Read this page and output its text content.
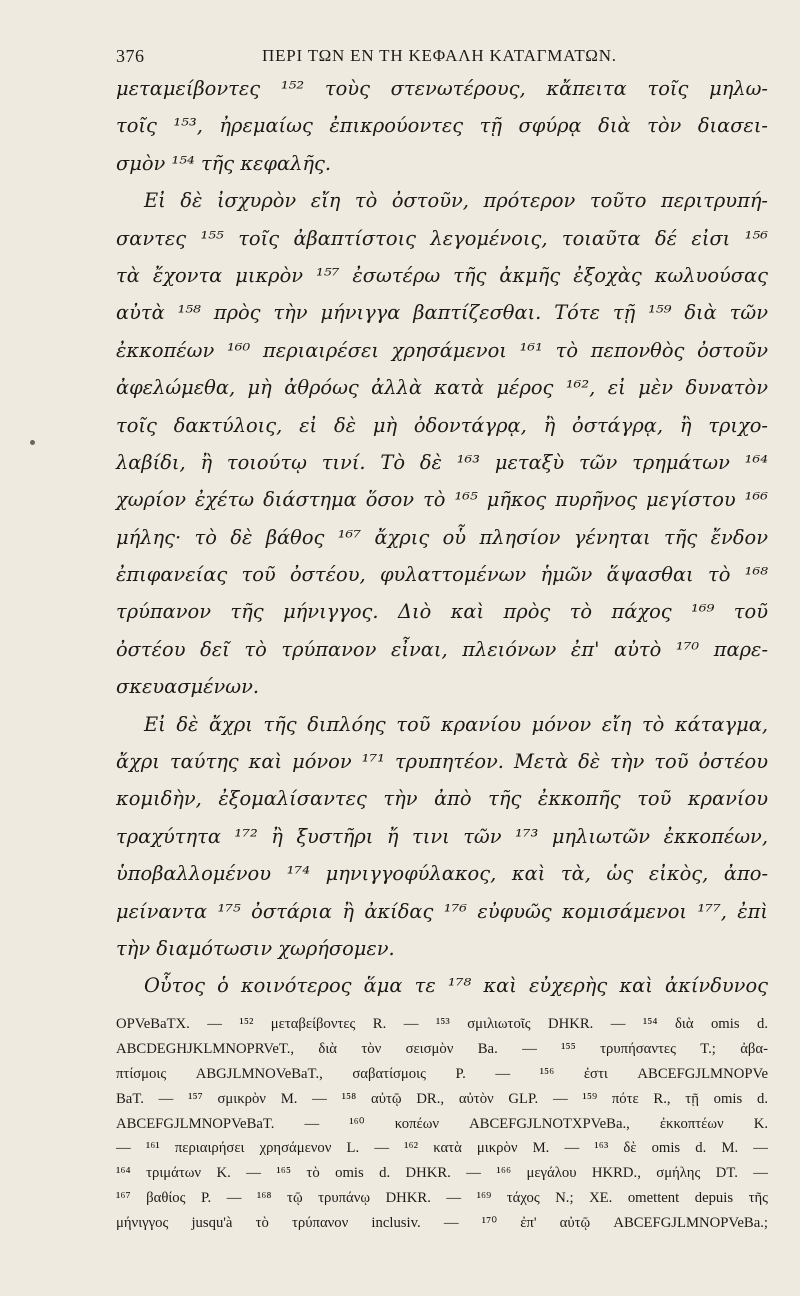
376	ΠΕΡΙ ΤΩΝ ΕΝ ΤΗ ΚΕΦΑΛΗ ΚΑΤΑΓΜΑΤΩΝ.
μεταμείβοντες ¹⁵² τοὺς στενωτέρους, κἄπειτα τοῖς μηλω-
τοῖς ¹⁵³, ἠρεμαίως ἐπικρούοντες τῇ σφύρᾳ διὰ τὸν διασει-
σμὸν ¹⁵⁴ τῆς κεφαλῆς.
Εἰ δὲ ἰσχυρὸν εἴη τὸ ὀστοῦν, πρότερον τοῦτο περιτρυπή-
σαντες ¹⁵⁵ τοῖς ἀβαπτίστοις λεγομένοις, τοιαῦτα δέ εἰσι ¹⁵⁶
τὰ ἔχοντα μικρὸν ¹⁵⁷ ἐσωτέρω τῆς ἀκμῆς ἐξοχὰς κωλυούσας
αὐτὰ ¹⁵⁸ πρὸς τὴν μήνιγγα βαπτίζεσθαι. Τότε τῇ ¹⁵⁹ διὰ τῶν
ἐκκοπέων ¹⁶⁰ περιαιρέσει χρησάμενοι ¹⁶¹ τὸ πεπονθὸς ὀστοῦν
ἀφελώμεθα, μὴ ἀθρόως ἀλλὰ κατὰ μέρος ¹⁶², εἰ μὲν δυνατὸν
τοῖς δακτύλοις, εἰ δὲ μὴ ὀδοντάγρᾳ, ἢ ὀστάγρᾳ, ἢ τριχο-
λαβίδι, ἢ τοιούτῳ τινί. Τὸ δὲ ¹⁶³ μεταξὺ τῶν τρημάτων ¹⁶⁴
χωρίον ἐχέτω διάστημα ὅσον τὸ ¹⁶⁵ μῆκος πυρῆνος μεγίστου ¹⁶⁶
μήλης· τὸ δὲ βάθος ¹⁶⁷ ἄχρις οὗ πλησίον γένηται τῆς ἔνδον
ἐπιφανείας τοῦ ὀστέου, φυλαττομένων ἡμῶν ἅψασθαι τὸ ¹⁶⁸
τρύπανον τῆς μήνιγγος. Διὸ καὶ πρὸς τὸ πάχος ¹⁶⁹ τοῦ
ὀστέου δεῖ τὸ τρύπανον εἶναι, πλειόνων ἐπ' αὐτὸ ¹⁷⁰ παρε-
σκευασμένων.
Εἰ δὲ ἄχρι τῆς διπλόης τοῦ κρανίου μόνον εἴη τὸ κάταγμα,
ἄχρι ταύτης καὶ μόνον ¹⁷¹ τρυπητέον. Μετὰ δὲ τὴν τοῦ ὀστέου
κομιδὴν, ἐξομαλίσαντες τὴν ἀπὸ τῆς ἐκκοπῆς τοῦ κρανίου
τραχύτητα ¹⁷² ἢ ξυστῆρι ἤ τινι τῶν ¹⁷³ μηλιωτῶν ἐκκοπέων,
ὑποβαλλομένου ¹⁷⁴ μηνιγγοφύλακος, καὶ τὰ, ὡς εἰκὸς, ἀπο-
μείναντα ¹⁷⁵ ὀστάρια ἢ ἀκίδας ¹⁷⁶ εὐφυῶς κομισάμενοι ¹⁷⁷, ἐπὶ
τὴν διαμότωσιν χωρήσομεν.
Οὗτος ὁ κοινότερος ἅμα τε ¹⁷⁸ καὶ εὐχερὴς καὶ ἀκίνδυνος
OPVeBaTX. — ¹⁵² μεταβείβοντες R. — ¹⁵³ σμιλιωτοῖς DHKR. — ¹⁵⁴ διὰ omis d.
ABCDEGHJKLMNOPRVeT., διὰ τὸν σεισμὸν Ba. — ¹⁵⁵ τρυπήσαντες T.; ἀβα-
πτίσμοις ABGJLMNOVeBaT., σαβατίσμοις P. — ¹⁵⁶ ἐστι ABCEFGJLMNOPVe
BaT. — ¹⁵⁷ σμικρὸν M. — ¹⁵⁸ αὐτῷ DR., αὐτὸν GLP. — ¹⁵⁹ πότε R., τῇ omis d.
ABCEFGJLMNOPVeBaT. — ¹⁶⁰ κοπέων ABCEFGJLNOTXPVeBa., ἐκκοπτέων K.
— ¹⁶¹ περιαιρήσει χρησάμενον L. — ¹⁶² κατὰ μικρὸν M. — ¹⁶³ δὲ omis d. M. —
¹⁶⁴ τριμάτων K. — ¹⁶⁵ τὸ omis d. DHKR. — ¹⁶⁶ μεγάλου HKRD., σμήλης DT. —
¹⁶⁷ βαθίος P. — ¹⁶⁸ τῷ τρυπάνῳ DHKR. — ¹⁶⁹ τάχος N.; XE. omettent depuis τῆς
μήνιγγος jusqu'à τὸ τρύπανον inclusiv. — ¹⁷⁰ ἐπ' αὐτῷ ABCEFGJLMNOPVeBa.;
